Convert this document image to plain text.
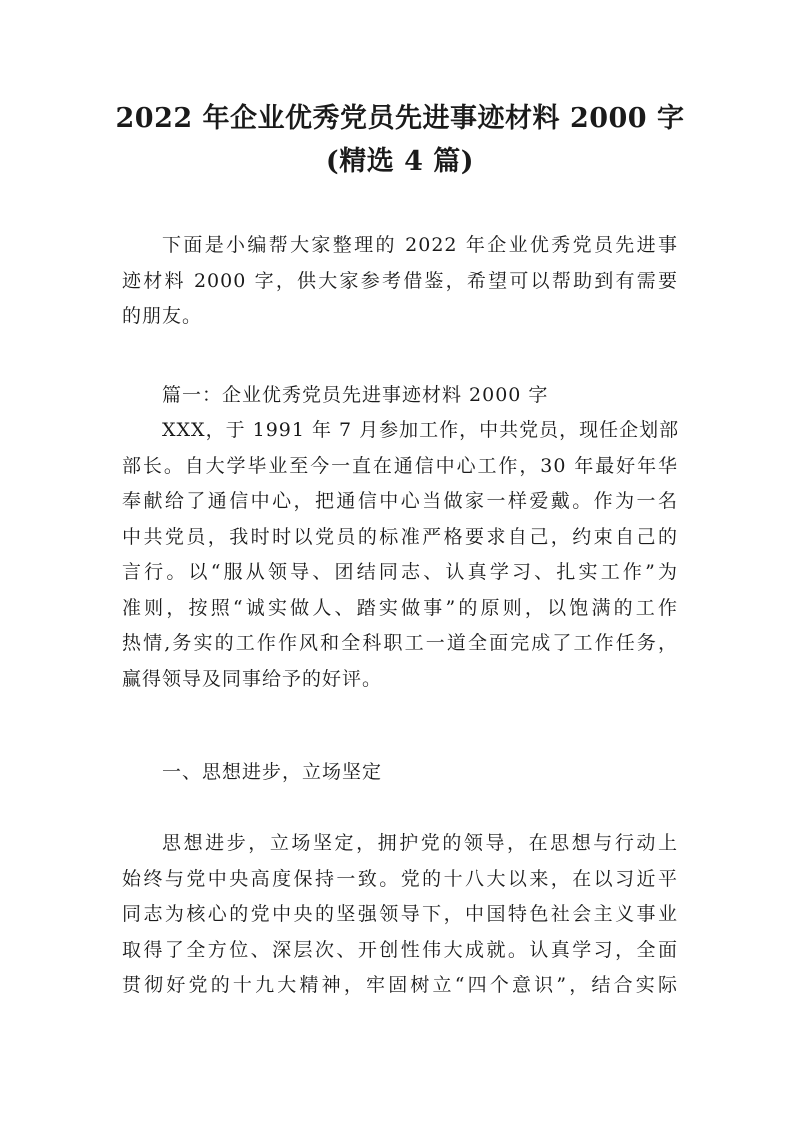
2022 年企业优秀党员先进事迹材料 2000 字
(精选 4 篇)

下面是小编帮大家整理的 2022 年企业优秀党员先进事
迹材料 2000 字，供大家参考借鉴，希望可以帮助到有需要
的朋友。

篇一：企业优秀党员先进事迹材料 2000 字

XXX，于 1991 年 7 月参加工作，中共党员，现任企划部
部长。自大学毕业至今一直在通信中心工作，30 年最好年华
奉献给了通信中心，把通信中心当做家一样爱戴。作为一名
中共党员，我时时以党员的标准严格要求自己，约束自己的
言行。以“服从领导、团结同志、认真学习、扎实工作”为
准则，按照“诚实做人、踏实做事”的原则，以饱满的工作
热情,务实的工作作风和全科职工一道全面完成了工作任务，
赢得领导及同事给予的好评。

一、思想进步，立场坚定

思想进步，立场坚定，拥护党的领导，在思想与行动上
始终与党中央高度保持一致。党的十八大以来，在以习近平
同志为核心的党中央的坚强领导下，中国特色社会主义事业
取得了全方位、深层次、开创性伟大成就。认真学习，全面
贯彻好党的十九大精神，牢固树立“四个意识”，结合实际
